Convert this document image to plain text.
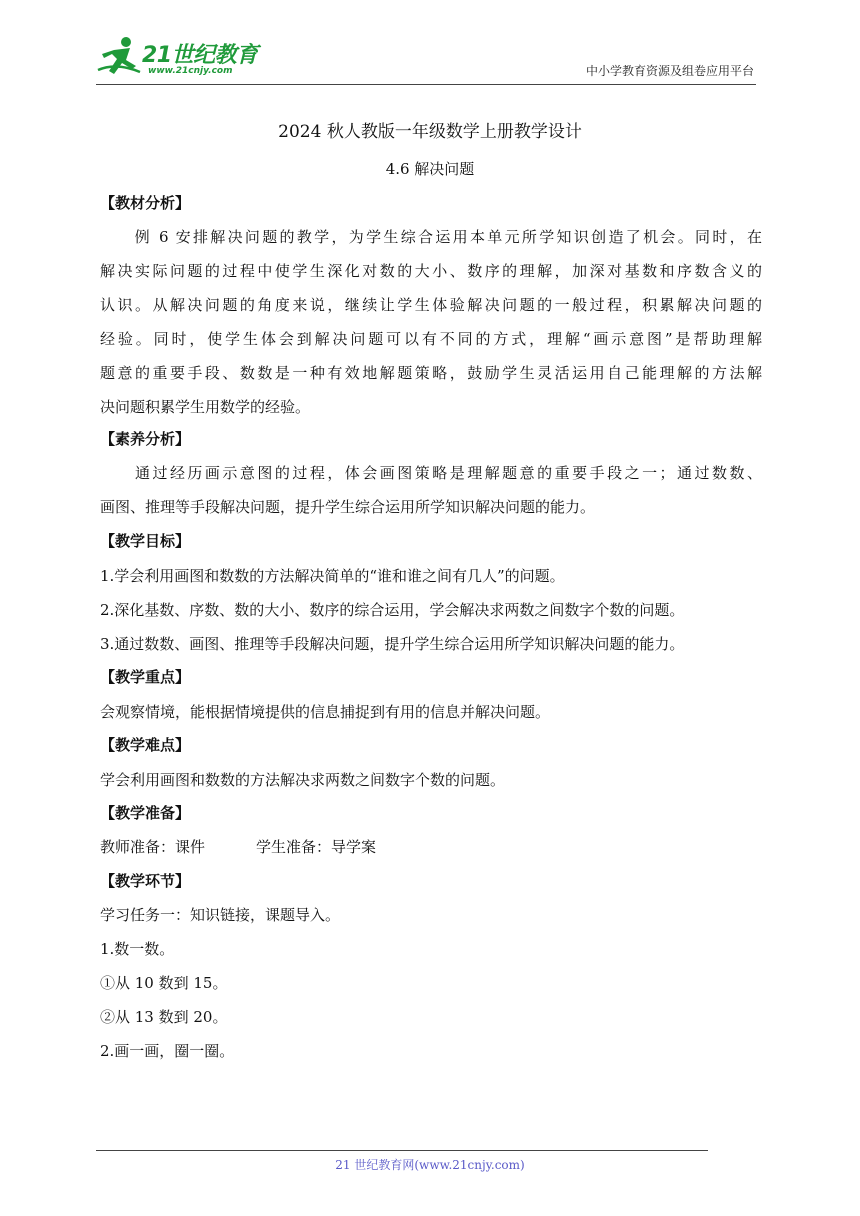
21世纪教育
www.21cnjy.com	中小学教育资源及组卷应用平台
2024 秋人教版一年级数学上册教学设计
4.6 解决问题
【教材分析】
　　例 6 安排解决问题的教学，为学生综合运用本单元所学知识创造了机会。同时，在
解决实际问题的过程中使学生深化对数的大小、数序的理解，加深对基数和序数含义的
认识。从解决问题的角度来说，继续让学生体验解决问题的一般过程，积累解决问题的
经验。同时，使学生体会到解决问题可以有不同的方式，理解“画示意图”是帮助理解
题意的重要手段、数数是一种有效地解题策略，鼓励学生灵活运用自己能理解的方法解
决问题积累学生用数学的经验。
【素养分析】
　　通过经历画示意图的过程，体会画图策略是理解题意的重要手段之一；通过数数、
画图、推理等手段解决问题，提升学生综合运用所学知识解决问题的能力。
【教学目标】
1.学会利用画图和数数的方法解决简单的“谁和谁之间有几人”的问题。
2.深化基数、序数、数的大小、数序的综合运用，学会解决求两数之间数字个数的问题。
3.通过数数、画图、推理等手段解决问题，提升学生综合运用所学知识解决问题的能力。
【教学重点】
会观察情境，能根据情境提供的信息捕捉到有用的信息并解决问题。
【教学难点】
学会利用画图和数数的方法解决求两数之间数字个数的问题。
【教学准备】
教师准备：课件	学生准备：导学案
【教学环节】
学习任务一：知识链接，课题导入。
1.数一数。
①从 10 数到 15。
②从 13 数到 20。
2.画一画，圈一圈。
21 世纪教育网(www.21cnjy.com)
